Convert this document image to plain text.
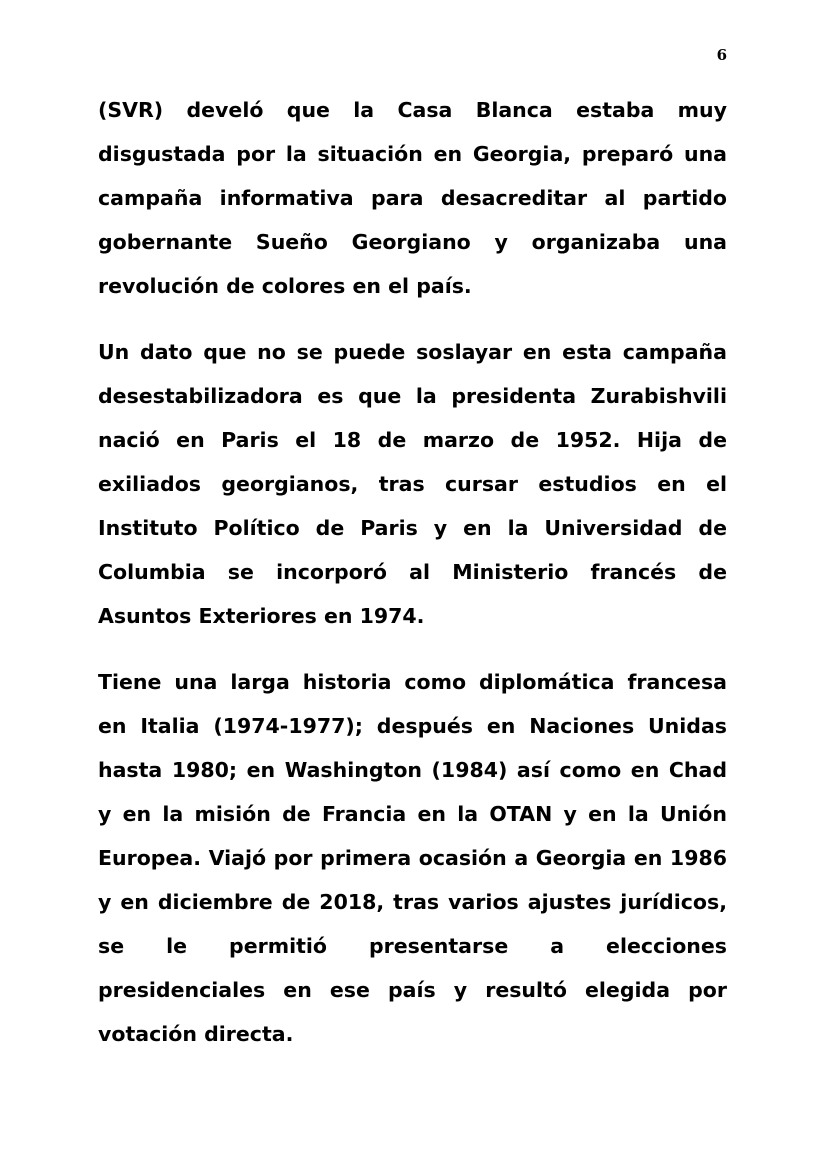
6

(SVR) develó que la Casa Blanca estaba muy disgustada por la situación en Georgia, preparó una campaña informativa para desacreditar al partido gobernante Sueño Georgiano y organizaba una revolución de colores en el país.

Un dato que no se puede soslayar en esta campaña desestabilizadora es que la presidenta Zurabishvili nació en Paris el 18 de marzo de 1952. Hija de exiliados georgianos, tras cursar estudios en el Instituto Político de Paris y en la Universidad de Columbia se incorporó al Ministerio francés de Asuntos Exteriores en 1974.

Tiene una larga historia como diplomática francesa en Italia (1974-1977); después en Naciones Unidas hasta 1980; en Washington (1984) así como en Chad y en la misión de Francia en la OTAN y en la Unión Europea. Viajó por primera ocasión a Georgia en 1986 y en diciembre de 2018, tras varios ajustes jurídicos, se le permitió presentarse a elecciones presidenciales en ese país y resultó elegida por votación directa.
